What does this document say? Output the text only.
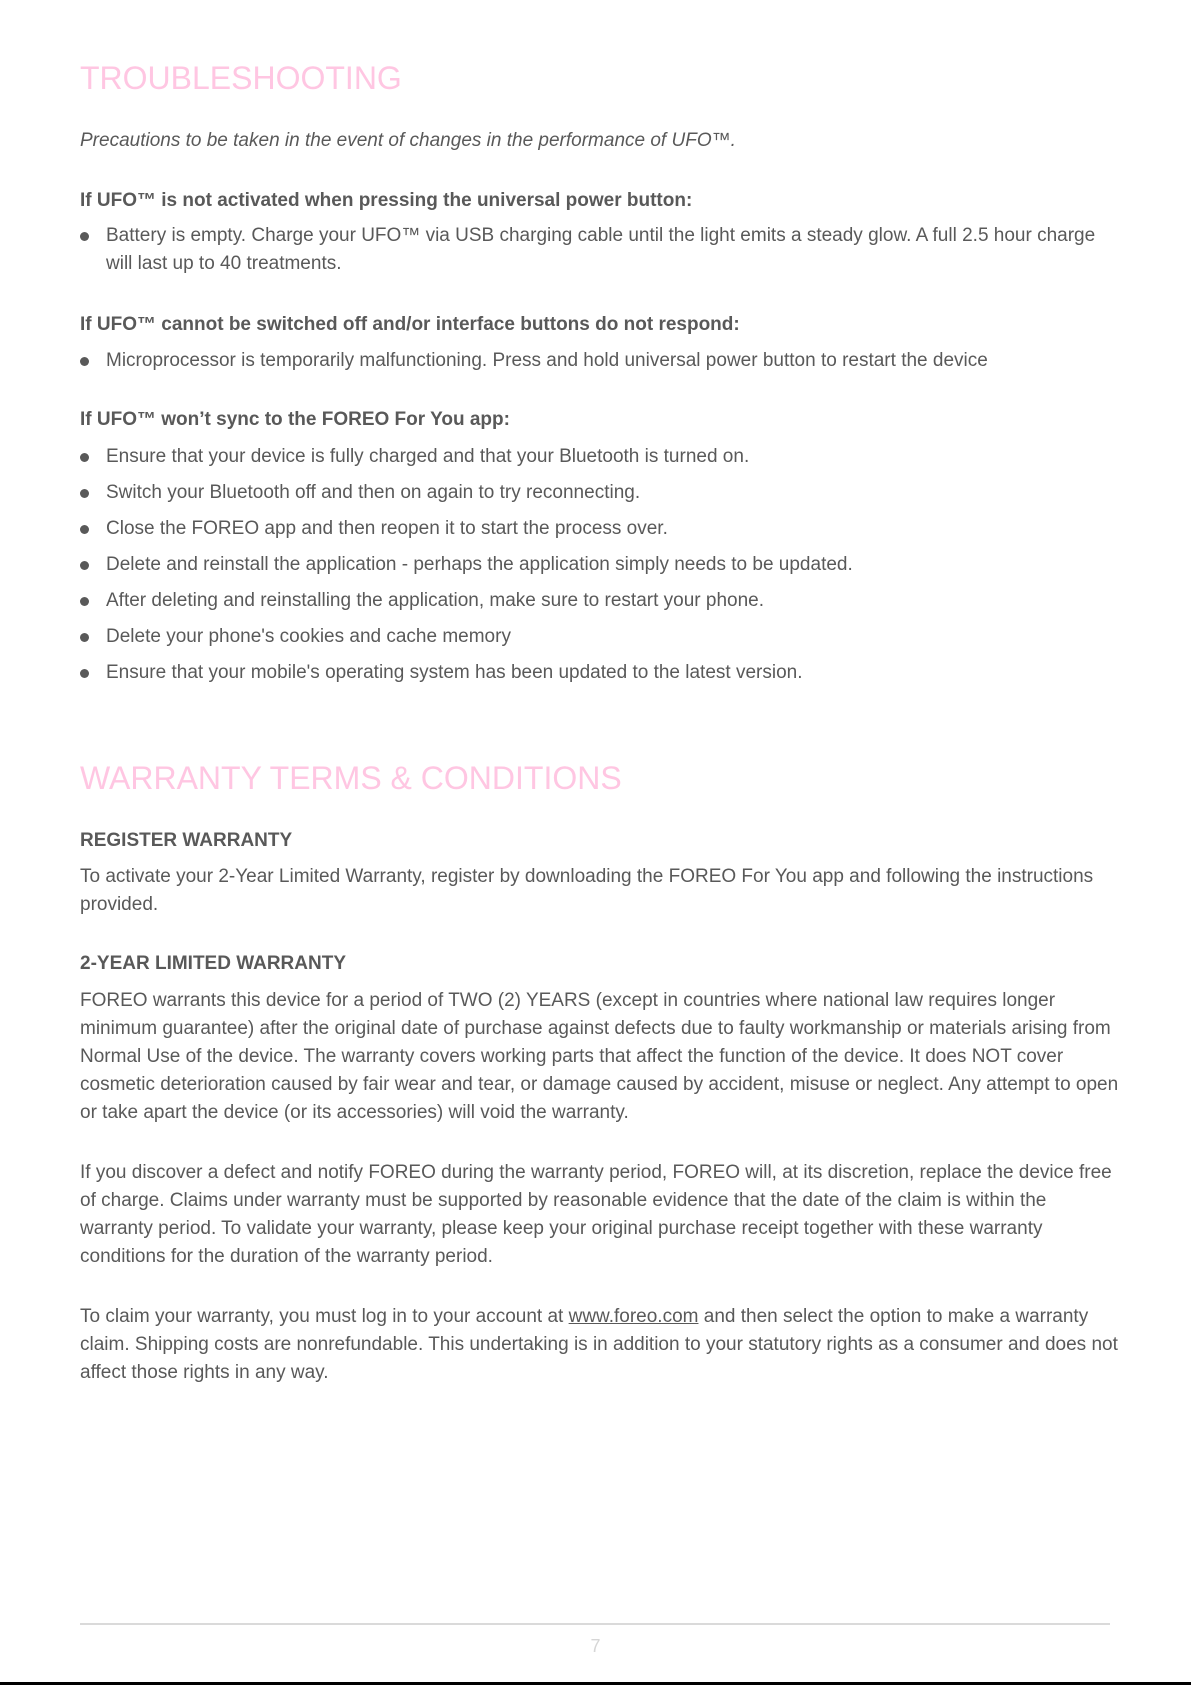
TROUBLESHOOTING
Precautions to be taken in the event of changes in the performance of UFO™.
If UFO™ is not activated when pressing the universal power button:
Battery is empty. Charge your UFO™ via USB charging cable until the light emits a steady glow. A full 2.5 hour charge will last up to 40 treatments.
If UFO™ cannot be switched off and/or interface buttons do not respond:
Microprocessor is temporarily malfunctioning. Press and hold universal power button to restart the device
If UFO™ won’t sync to the FOREO For You app:
Ensure that your device is fully charged and that your Bluetooth is turned on.
Switch your Bluetooth off and then on again to try reconnecting.
Close the FOREO app and then reopen it to start the process over.
Delete and reinstall the application - perhaps the application simply needs to be updated.
After deleting and reinstalling the application, make sure to restart your phone.
Delete your phone's cookies and cache memory
Ensure that your mobile's operating system has been updated to the latest version.
WARRANTY TERMS & CONDITIONS
REGISTER WARRANTY
To activate your 2-Year Limited Warranty, register by downloading the FOREO For You app and following the instructions provided.
2-YEAR LIMITED WARRANTY
FOREO warrants this device for a period of TWO (2) YEARS (except in countries where national law requires longer minimum guarantee) after the original date of purchase against defects due to faulty workmanship or materials arising from Normal Use of the device. The warranty covers working parts that affect the function of the device. It does NOT cover cosmetic deterioration caused by fair wear and tear, or damage caused by accident, misuse or neglect. Any attempt to open or take apart the device (or its accessories) will void the warranty.
If you discover a defect and notify FOREO during the warranty period, FOREO will, at its discretion, replace the device free of charge. Claims under warranty must be supported by reasonable evidence that the date of the claim is within the warranty period. To validate your warranty, please keep your original purchase receipt together with these warranty conditions for the duration of the warranty period.
To claim your warranty, you must log in to your account at www.foreo.com and then select the option to make a warranty claim. Shipping costs are nonrefundable. This undertaking is in addition to your statutory rights as a consumer and does not affect those rights in any way.
7
